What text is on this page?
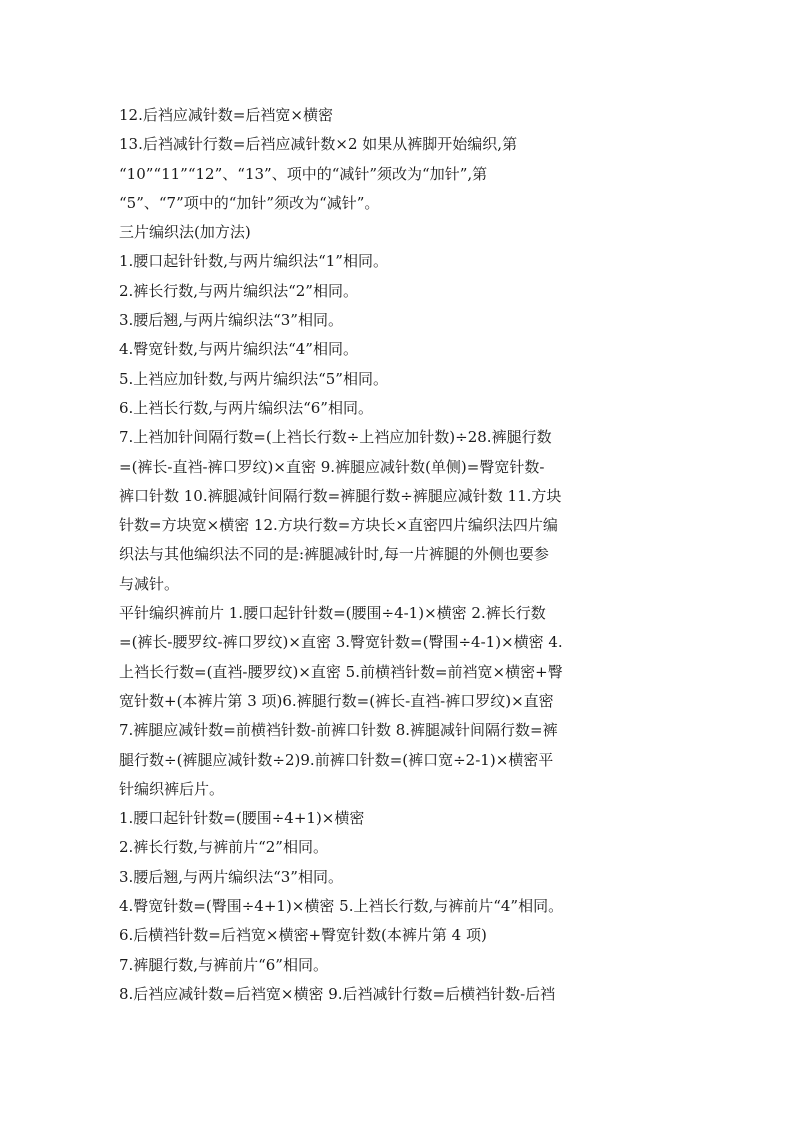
12.后裆应减针数=后裆宽×横密
13.后裆减针行数=后裆应减针数×2 如果从裤脚开始编织,第
“10”“11”“12”、“13”、项中的“减针”须改为“加针”,第
“5”、“7”项中的“加针”须改为“减针”。
三片编织法(加方法)
1.腰口起针针数,与两片编织法“1”相同。
2.裤长行数,与两片编织法“2”相同。
3.腰后翘,与两片编织法“3”相同。
4.臀宽针数,与两片编织法“4”相同。
5.上裆应加针数,与两片编织法“5”相同。
6.上裆长行数,与两片编织法“6”相同。
7.上裆加针间隔行数=(上裆长行数÷上裆应加针数)÷28.裤腿行数
=(裤长-直裆-裤口罗纹)×直密 9.裤腿应减针数(单侧)=臀宽针数-
裤口针数 10.裤腿减针间隔行数=裤腿行数÷裤腿应减针数 11.方块
针数=方块宽×横密 12.方块行数=方块长×直密四片编织法四片编
织法与其他编织法不同的是:裤腿减针时,每一片裤腿的外侧也要参
与减针。
平针编织裤前片 1.腰口起针针数=(腰围÷4-1)×横密 2.裤长行数
=(裤长-腰罗纹-裤口罗纹)×直密 3.臀宽针数=(臀围÷4-1)×横密 4.
上裆长行数=(直裆-腰罗纹)×直密 5.前横裆针数=前裆宽×横密+臀
宽针数+(本裤片第 3 项)6.裤腿行数=(裤长-直裆-裤口罗纹)×直密
7.裤腿应减针数=前横裆针数-前裤口针数 8.裤腿减针间隔行数=裤
腿行数÷(裤腿应减针数÷2)9.前裤口针数=(裤口宽÷2-1)×横密平
针编织裤后片。
1.腰口起针针数=(腰围÷4+1)×横密
2.裤长行数,与裤前片“2”相同。
3.腰后翘,与两片编织法“3”相同。
4.臀宽针数=(臀围÷4+1)×横密 5.上裆长行数,与裤前片“4”相同。
6.后横裆针数=后裆宽×横密+臀宽针数(本裤片第 4 项)
7.裤腿行数,与裤前片“6”相同。
8.后裆应减针数=后裆宽×横密 9.后裆减针行数=后横裆针数-后裆
